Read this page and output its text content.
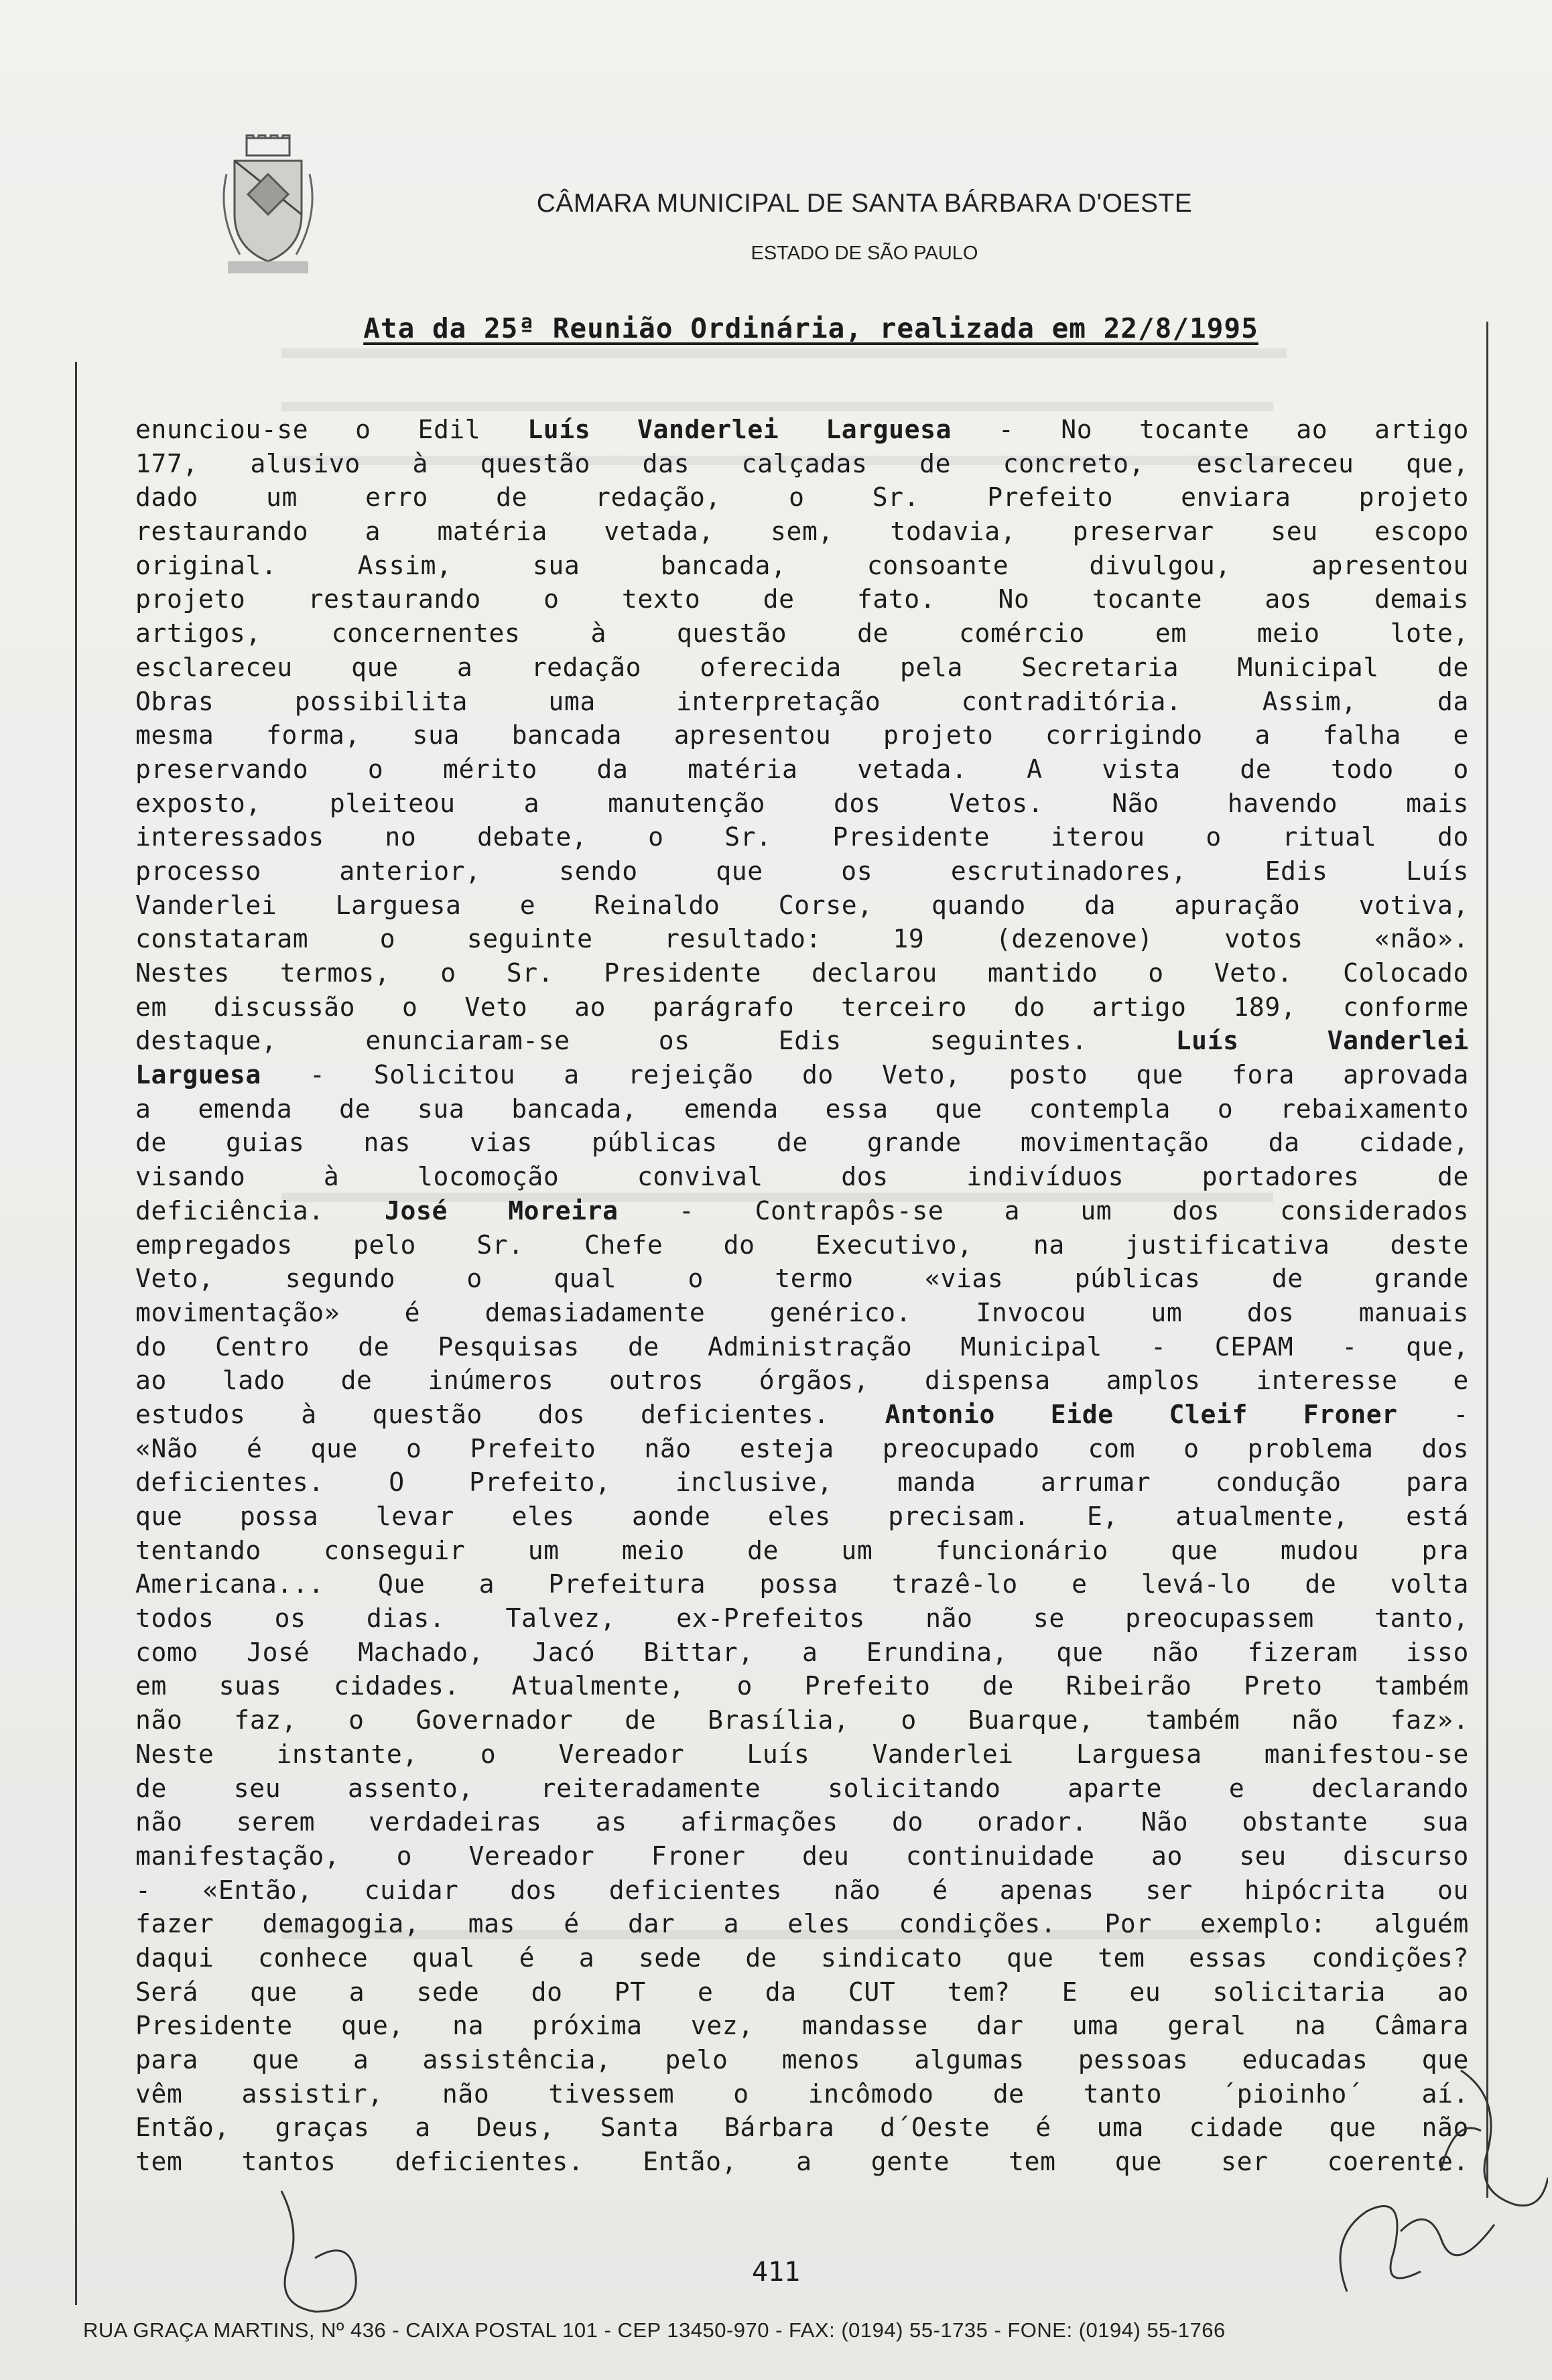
CÂMARA MUNICIPAL DE SANTA BÁRBARA D'OESTE
ESTADO DE SÃO PAULO
Ata da 25ª Reunião Ordinária, realizada em 22/8/1995
enunciou-se o Edil Luís Vanderlei Larguesa - No tocante ao artigo
177, alusivo à questão das calçadas de concreto, esclareceu que,
dado um erro de redação, o Sr. Prefeito enviara projeto
restaurando a matéria vetada, sem, todavia, preservar seu escopo
original. Assim, sua bancada, consoante divulgou, apresentou
projeto restaurando o texto de fato. No tocante aos demais
artigos, concernentes à questão de comércio em meio lote,
esclareceu que a redação oferecida pela Secretaria Municipal de
Obras possibilita uma interpretação contraditória. Assim, da
mesma forma, sua bancada apresentou projeto corrigindo a falha e
preservando o mérito da matéria vetada. A vista de todo o
exposto, pleiteou a manutenção dos Vetos. Não havendo mais
interessados no debate, o Sr. Presidente iterou o ritual do
processo anterior, sendo que os escrutinadores, Edis Luís
Vanderlei Larguesa e Reinaldo Corse, quando da apuração votiva,
constataram o seguinte resultado: 19 (dezenove) votos «não».
Nestes termos, o Sr. Presidente declarou mantido o Veto. Colocado
em discussão o Veto ao parágrafo terceiro do artigo 189, conforme
destaque, enunciaram-se os Edis seguintes. Luís Vanderlei
Larguesa - Solicitou a rejeição do Veto, posto que fora aprovada
a emenda de sua bancada, emenda essa que contempla o rebaixamento
de guias nas vias públicas de grande movimentação da cidade,
visando à locomoção convival dos indivíduos portadores de
deficiência. José Moreira - Contrapôs-se a um dos considerados
empregados pelo Sr. Chefe do Executivo, na justificativa deste
Veto, segundo o qual o termo «vias públicas de grande
movimentação» é demasiadamente genérico. Invocou um dos manuais
do Centro de Pesquisas de Administração Municipal - CEPAM - que,
ao lado de inúmeros outros órgãos, dispensa amplos interesse e
estudos à questão dos deficientes. Antonio Eide Cleif Froner -
«Não é que o Prefeito não esteja preocupado com o problema dos
deficientes. O Prefeito, inclusive, manda arrumar condução para
que possa levar eles aonde eles precisam. E, atualmente, está
tentando conseguir um meio de um funcionário que mudou pra
Americana... Que a Prefeitura possa trazê-lo e levá-lo de volta
todos os dias. Talvez, ex-Prefeitos não se preocupassem tanto,
como José Machado, Jacó Bittar, a Erundina, que não fizeram isso
em suas cidades. Atualmente, o Prefeito de Ribeirão Preto também
não faz, o Governador de Brasília, o Buarque, também não faz».
Neste instante, o Vereador Luís Vanderlei Larguesa manifestou-se
de seu assento, reiteradamente solicitando aparte e declarando
não serem verdadeiras as afirmações do orador. Não obstante sua
manifestação, o Vereador Froner deu continuidade ao seu discurso
- «Então, cuidar dos deficientes não é apenas ser hipócrita ou
fazer demagogia, mas é dar a eles condições. Por exemplo: alguém
daqui conhece qual é a sede de sindicato que tem essas condições?
Será que a sede do PT e da CUT tem? E eu solicitaria ao
Presidente que, na próxima vez, mandasse dar uma geral na Câmara
para que a assistência, pelo menos algumas pessoas educadas que
vêm assistir, não tivessem o incômodo de tanto ´pioinho´ aí.
Então, graças a Deus, Santa Bárbara d´Oeste é uma cidade que não
tem tantos deficientes. Então, a gente tem que ser coerente.
411
RUA GRAÇA MARTINS, Nº 436 - CAIXA POSTAL 101 - CEP 13450-970 - FAX: (0194) 55-1735 - FONE: (0194) 55-1766
